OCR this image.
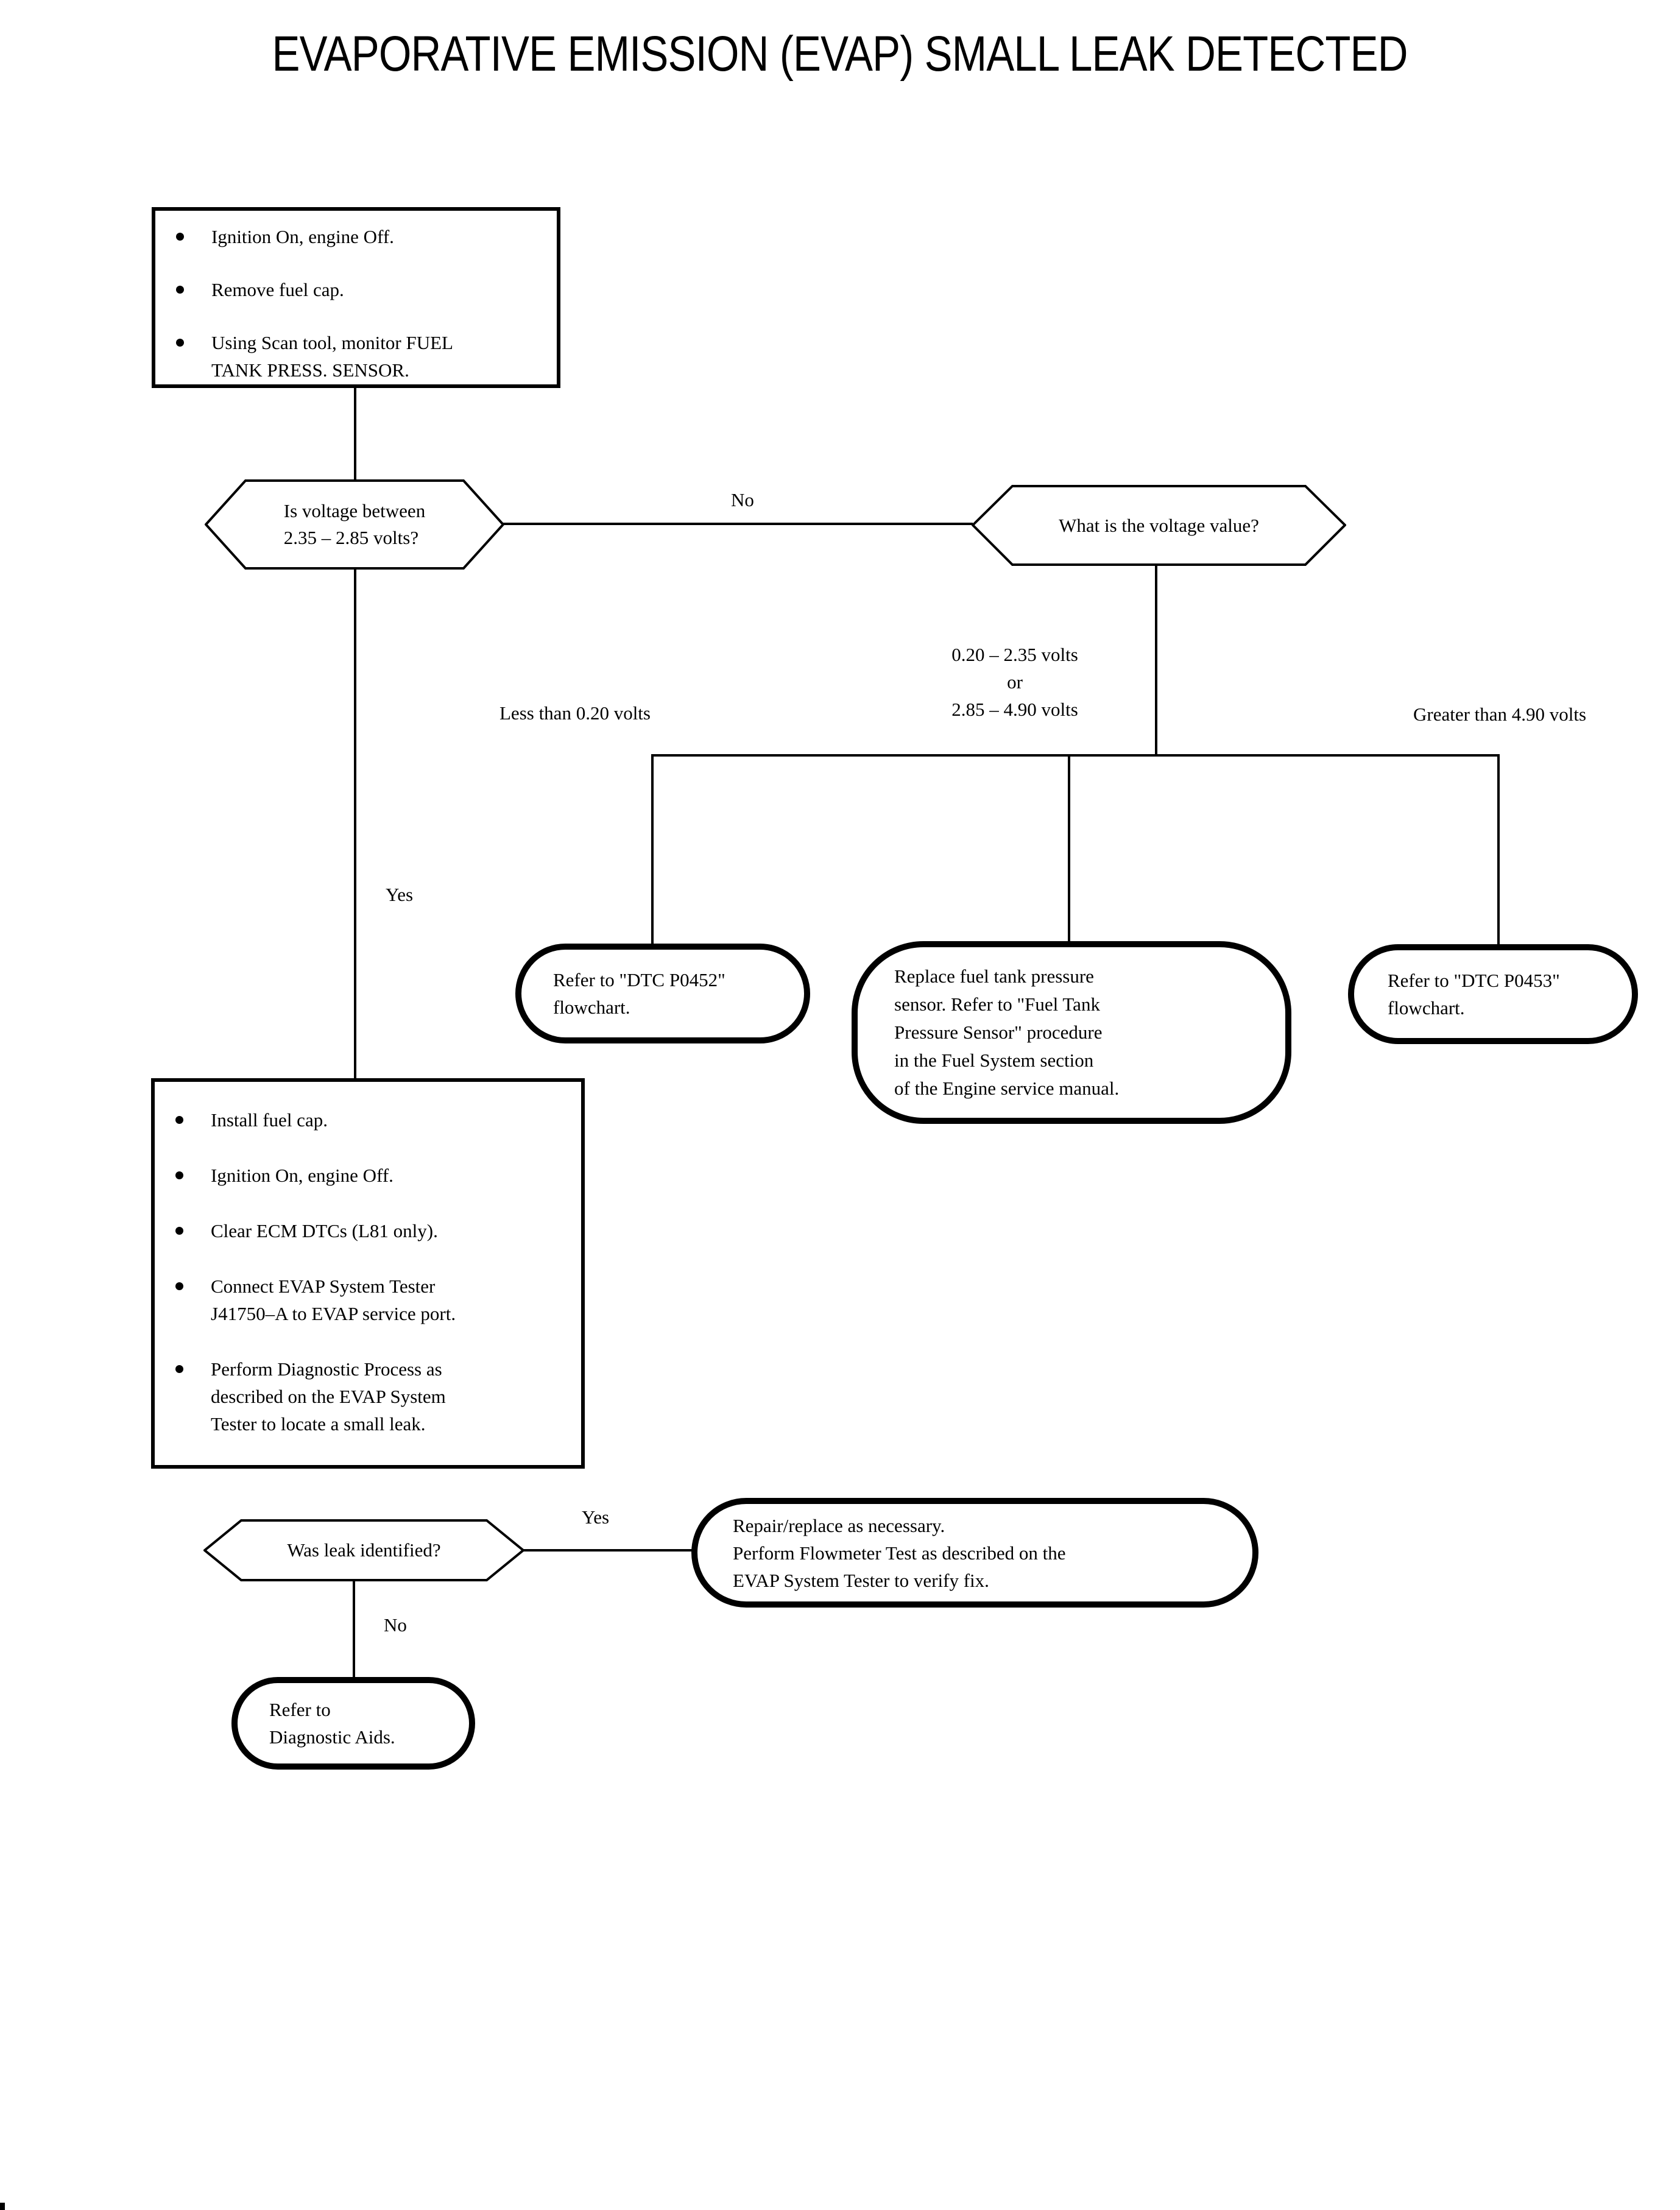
EVAPORATIVE EMISSION (EVAP) SMALL LEAK DETECTED
Ignition On, engine Off.
Remove fuel cap.
Using Scan tool, monitor FUEL
TANK PRESS. SENSOR.
Is voltage between
2.35 – 2.85 volts?
No
What is the voltage value?
Less than 0.20 volts
0.20 – 2.35 volts
or
2.85 – 4.90 volts	Greater than 4.90 volts
Yes
Refer to "DTC P0452"
flowchart.
Replace fuel tank pressure
sensor. Refer to "Fuel Tank
Pressure Sensor" procedure
in the Fuel System section
of the Engine service manual.
Refer to "DTC P0453"
flowchart.
Install fuel cap.
Ignition On, engine Off.
Clear ECM DTCs (L81 only).
Connect EVAP System Tester
J41750–A to EVAP service port.
Perform Diagnostic Process as
described on the EVAP System
Tester to locate a small leak.
Was leak identified?
Yes	Repair/replace as necessary.
Perform Flowmeter Test as described on the
EVAP System Tester to verify fix.
No
Refer to
Diagnostic Aids.
